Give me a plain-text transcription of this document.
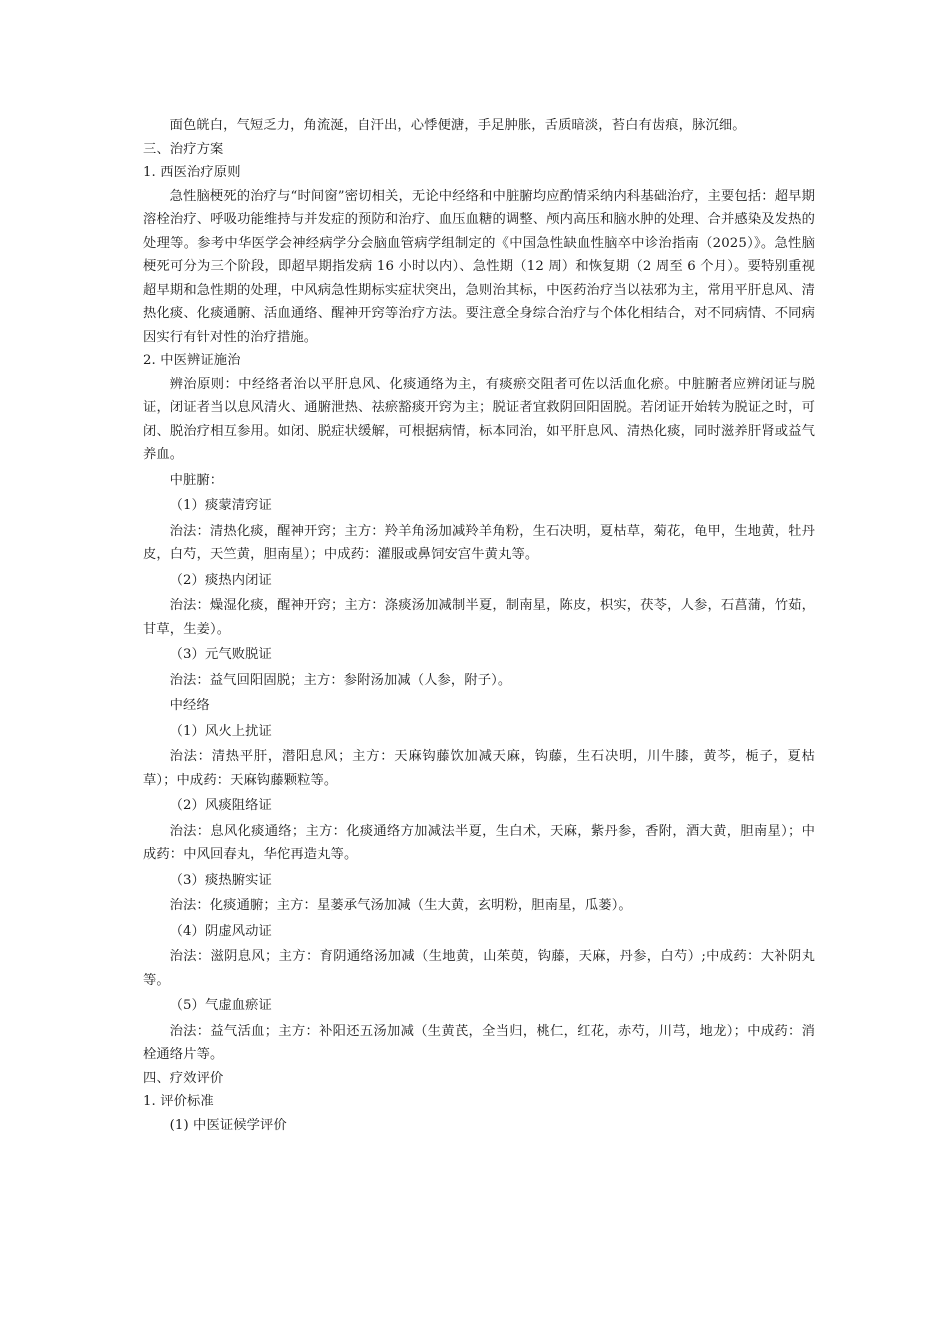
面色㿠白，气短乏力，角流涎，自汗出，心悸便溏，手足肿胀，舌质暗淡，苔白有齿痕，脉沉细。

三、治疗方案

1. 西医治疗原则

急性脑梗死的治疗与“时间窗”密切相关，无论中经络和中脏腑均应酌情采纳内科基础治疗，主要包括：超早期溶栓治疗、呼吸功能维持与并发症的预防和治疗、血压血糖的调整、颅内高压和脑水肿的处理、合并感染及发热的处理等。参考中华医学会神经病学分会脑血管病学组制定的《中国急性缺血性脑卒中诊治指南（2025）》。急性脑梗死可分为三个阶段，即超早期指发病 16 小时以内）、急性期（12 周）和恢复期（2 周至 6 个月）。要特别重视超早期和急性期的处理，中风病急性期标实症状突出，急则治其标，中医药治疗当以祛邪为主，常用平肝息风、清热化痰、化痰通腑、活血通络、醒神开窍等治疗方法。要注意全身综合治疗与个体化相结合，对不同病情、不同病因实行有针对性的治疗措施。

2. 中医辨证施治

辨治原则：中经络者治以平肝息风、化痰通络为主，有痰瘀交阻者可佐以活血化瘀。中脏腑者应辨闭证与脱证，闭证者当以息风清火、通腑泄热、祛瘀豁痰开窍为主；脱证者宜救阴回阳固脱。若闭证开始转为脱证之时，可闭、脱治疗相互参用。如闭、脱症状缓解，可根据病情，标本同治，如平肝息风、清热化痰，同时滋养肝肾或益气养血。

中脏腑：

（1）痰蒙清窍证

治法：清热化痰，醒神开窍；主方：羚羊角汤加减羚羊角粉，生石决明，夏枯草，菊花，龟甲，生地黄，牡丹皮，白芍，天竺黄，胆南星）；中成药：灌服或鼻饲安宫牛黄丸等。

（2）痰热内闭证

治法：燥湿化痰，醒神开窍；主方：涤痰汤加减制半夏，制南星，陈皮，枳实，茯苓，人参，石菖蒲，竹茹，甘草，生姜）。

（3）元气败脱证

治法：益气回阳固脱；主方：参附汤加减（人参，附子）。

中经络

（1）风火上扰证

治法：清热平肝，潜阳息风；主方：天麻钩藤饮加减天麻，钩藤，生石决明，川牛膝，黄芩，栀子，夏枯草）；中成药：天麻钩藤颗粒等。

（2）风痰阻络证

治法：息风化痰通络；主方：化痰通络方加减法半夏，生白术，天麻，紫丹参，香附，酒大黄，胆南星）；中成药：中风回春丸，华佗再造丸等。

（3）痰热腑实证

治法：化痰通腑；主方：星蒌承气汤加减（生大黄，玄明粉，胆南星，瓜蒌）。

（4）阴虚风动证

治法：滋阴息风；主方：育阴通络汤加减（生地黄，山茱萸，钩藤，天麻，丹参，白芍）;中成药：大补阴丸等。

（5）气虚血瘀证

治法：益气活血；主方：补阳还五汤加减（生黄芪，全当归，桃仁，红花，赤芍，川芎，地龙）；中成药：消栓通络片等。

四、疗效评价

1. 评价标准

(1) 中医证候学评价
